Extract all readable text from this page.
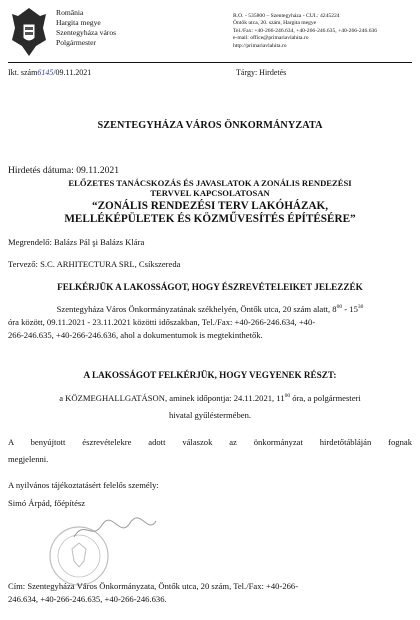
România
Hargita megye
Szentegyháza város
Polgármester
R.O. - 535800 – Szentegyháza - CUI.: 4245224
Öntők utca, 20. szám, Hargita megye
Tel./Fax: +40-266-246.634, +40-266-246.635, +40-266-246.636
e-mail: office@primariavlahita.ro
http://primariavlahita.ro
Ikt. szám6145/09.11.2021	Tárgy: Hirdetés
SZENTEGYHÁZA VÁROS ÖNKORMÁNYZATA
Hirdetés dátuma: 09.11.2021
ELŐZETES TANÁCSKOZÁS ÉS JAVASLATOK A ZONÁLIS RENDEZÉSI
TERVVEL KAPCSOLATOSAN
“ZONÁLIS RENDEZÉSI TERV LAKÓHÁZAK,
MELLÉKÉPÜLETEK ÉS KÖZMŰVESÍTÉS ÉPÍTÉSÉRE”
Megrendelő: Balázs Pál şi Balázs Klára
Tervező: S.C. ARHITECTURA SRL, Csíkszereda
FELKÉRJÜK A LAKOSSÁGOT, HOGY ÉSZREVÉTELEIKET JELEZZÉK
Szentegyháza Város Önkormányzatának székhelyén, Öntők utca, 20 szám alatt, $8^{00} - 15^{30}$
óra között, 09.11.2021 - 23.11.2021 közötti időszakban, Tel./Fax: +40-266-246.634, +40-
266-246.635, +40-266-246.636, ahol a dokumentumok is megtekinthetők.
A LAKOSSÁGOT FELKÉRJÜK, HOGY VEGYENEK RÉSZT:
a KÖZMEGHALLGATÁSON, aminek időpontja: 24.11.2021, $11^{00}$ óra, a polgármesteri
hivatal gyűléstermében.
A benyújtott észrevételekre adott válaszok az önkormányzat hirdetőtábláján fognak
megjelenni.
A nyilvános tájékoztatásért felelős személy:
Simó Árpád, főépítész
Cím: Szentegyháza Város Önkormányzata, Öntők utca, 20 szám, Tel./Fax: +40-266-
246.634, +40-266-246.635, +40-266-246.636.
